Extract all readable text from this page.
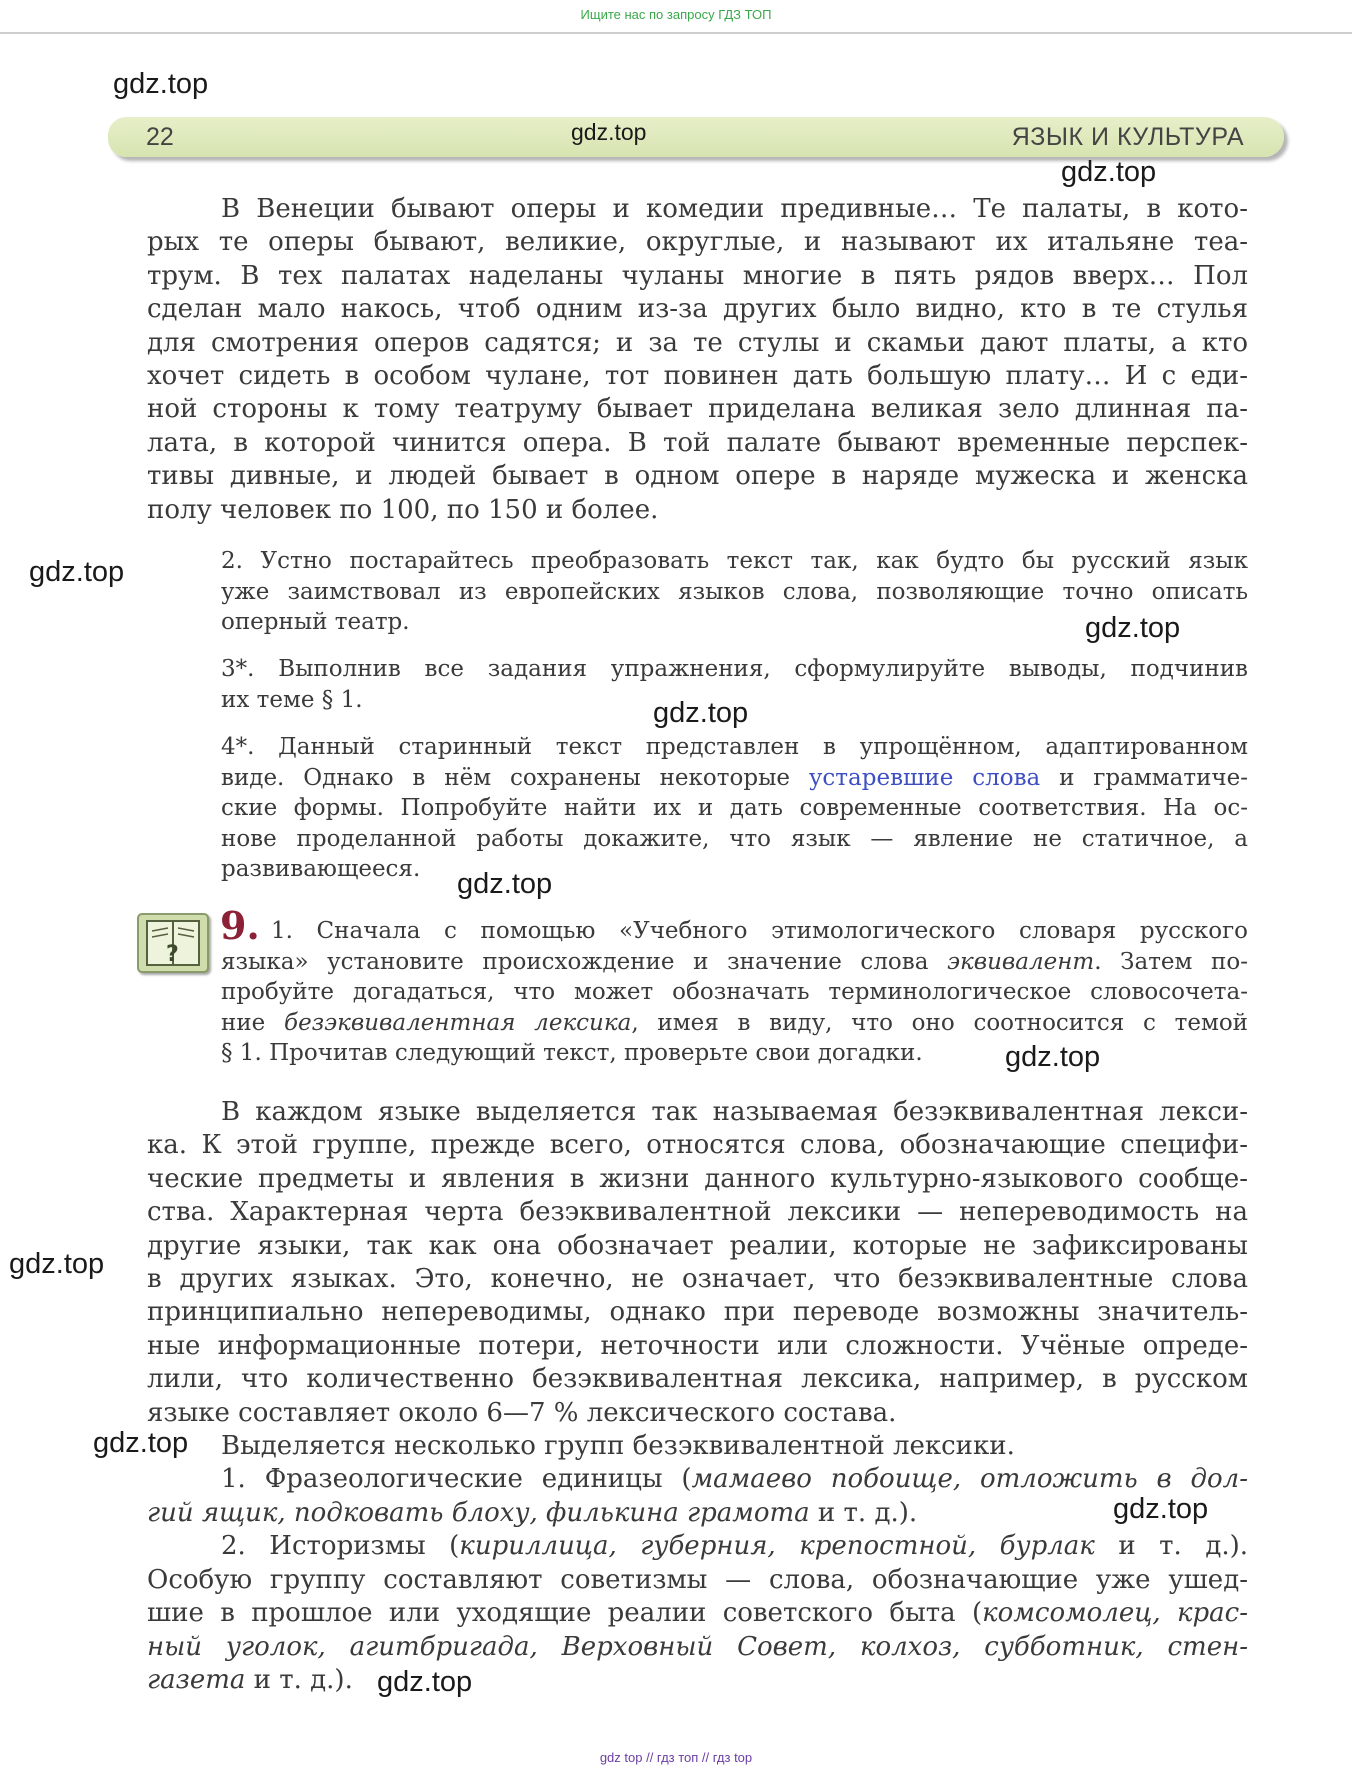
Ищите нас по запросу ГДЗ ТОП
22	ЯЗЫК И КУЛЬТУРА
В Венеции бывают оперы и комедии предивные… Те палаты, в кото-
рых те оперы бывают, великие, округлые, и называют их итальяне теа-
трум. В тех палатах наделаны чуланы многие в пять рядов вверх… Пол
сделан мало накось, чтоб одним из-за других было видно, кто в те стулья
для смотрения оперов садятся; и за те стулы и скамьи дают платы, а кто
хочет сидеть в особом чулане, тот повинен дать большую плату… И с еди-
ной стороны к тому театруму бывает приделана великая зело длинная па-
лата, в которой чинится опера. В той палате бывают временные перспек-
тивы дивные, и людей бывает в одном опере в наряде мужеска и женска
полу человек по 100, по 150 и более.
2. Устно постарайтесь преобразовать текст так, как будто бы русский язык
уже заимствовал из европейских языков слова, позволяющие точно описать
оперный театр.
3*. Выполнив все задания упражнения, сформулируйте выводы, подчинив
их теме § 1.
4*. Данный старинный текст представлен в упрощённом, адаптированном
виде. Однако в нём сохранены некоторые устаревшие слова и грамматиче-
ские формы. Попробуйте найти их и дать современные соответствия. На ос-
нове проделанной работы докажите, что язык — явление не статичное, а
развивающееся.
?
9. 1. Сначала с помощью «Учебного этимологического словаря русского
языка» установите происхождение и значение слова эквивалент. Затем по-
пробуйте догадаться, что может обозначать терминологическое словосочета-
ние безэквивалентная лексика, имея в виду, что оно соотносится с темой
§ 1. Прочитав следующий текст, проверьте свои догадки.
В каждом языке выделяется так называемая безэквивалентная лекси-
ка. К этой группе, прежде всего, относятся слова, обозначающие специфи-
ческие предметы и явления в жизни данного культурно-языкового сообще-
ства. Характерная черта безэквивалентной лексики — непереводимость на
другие языки, так как она обозначает реалии, которые не зафиксированы
в других языках. Это, конечно, не означает, что безэквивалентные слова
принципиально непереводимы, однако при переводе возможны значитель-
ные информационные потери, неточности или сложности. Учёные опреде-
лили, что количественно безэквивалентная лексика, например, в русском
языке составляет около 6—7 % лексического состава.
Выделяется несколько групп безэквивалентной лексики.
1. Фразеологические единицы (мамаево побоище, отложить в дол-
гий ящик, подковать блоху, филькина грамота и т. д.).
2. Историзмы (кириллица, губерния, крепостной, бурлак и т. д.).
Особую группу составляют советизмы — слова, обозначающие уже ушед-
шие в прошлое или уходящие реалии советского быта (комсомолец, крас-
ный уголок, агитбригада, Верховный Совет, колхоз, субботник, стен-
газета и т. д.).
gdz.top
gdz.top
gdz.top
gdz.top
gdz.top
gdz.top
gdz.top
gdz.top
gdz.top
gdz.top
gdz.top
gdz.top
gdz top // гдз топ // гдз top
